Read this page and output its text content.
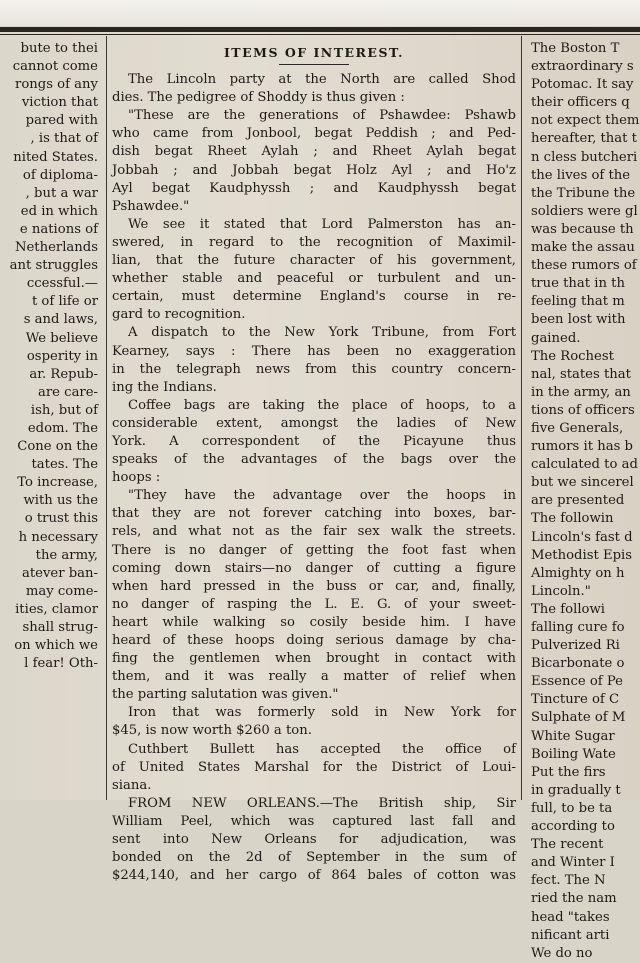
bute to thei
cannot come
rongs of any
viction that
pared with
, is that of
nited States.
of diploma-
, but a war
ed in which
e nations of
Netherlands
ant struggles
ccessful.—
t of life or
s and laws,
We believe
osperity in
ar. Repub-
are care-
ish, but of
edom. The
Cone on the
tates. The
To increase,
with us the
o trust this
h necessary
the army,
atever ban-
may come-
ities, clamor
shall strug-
on which we
l fear! Oth-
ITEMS OF INTEREST.
The Lincoln party at the North are called Shod
dies. The pedigree of Shoddy is thus given :
"These are the generations of Pshawdee: Pshawb
who came from Jonbool, begat Peddish ; and Ped-
dish begat Rheet Aylah ; and Rheet Aylah begat
Jobbah ; and Jobbah begat Holz Ayl ; and Ho'z
Ayl begat Kaudphyssh ; and Kaudphyssh begat
Pshawdee."
We see it stated that Lord Palmerston has an-
swered, in regard to the recognition of Maximil-
lian, that the future character of his government,
whether stable and peaceful or turbulent and un-
certain, must determine England's course in re-
gard to recognition.
A dispatch to the New York Tribune, from Fort
Kearney, says : There has been no exaggeration
in the telegraph news from this country concern-
ing the Indians.
Coffee bags are taking the place of hoops, to a
considerable extent, amongst the ladies of New
York. A correspondent of the Picayune thus
speaks of the advantages of the bags over the
hoops :
"They have the advantage over the hoops in
that they are not forever catching into boxes, bar-
rels, and what not as the fair sex walk the streets.
There is no danger of getting the foot fast when
coming down stairs—no danger of cutting a figure
when hard pressed in the buss or car, and, finally,
no danger of rasping the L. E. G. of your sweet-
heart while walking so cosily beside him. I have
heard of these hoops doing serious damage by cha-
fing the gentlemen when brought in contact with
them, and it was really a matter of relief when
the parting salutation was given."
Iron that was formerly sold in New York for
$45, is now worth $260 a ton.
Cuthbert Bullett has accepted the office of
of United States Marshal for the District of Loui-
siana.
FROM NEW ORLEANS.—The British ship, Sir
William Peel, which was captured last fall and
sent into New Orleans for adjudication, was
bonded on the 2d of September in the sum of
$244,140, and her cargo of 864 bales of cotton was
The Boston T
extraordinary s
Potomac. It say
their officers q
not expect them
hereafter, that t
n cless butcheri
the lives of the
the Tribune the
soldiers were gl
was because th
make the assau
these rumors of
true that in th
feeling that m
been lost with
gained.
The Rochest
nal, states that
in the army, an
tions of officers
five Generals,
rumors it has b
calculated to ad
but we sincerel
are presented
The followin
Lincoln's fast d
Methodist Epis
Almighty on h
Lincoln."
The followi
falling cure fo
Pulverized Ri
Bicarbonate o
Essence of Pe
Tincture of C
Sulphate of M
White Sugar
Boiling Wate
Put the firs
in gradually t
full, to be ta
according to
The recent
and Winter I
fect. The N
ried the nam
head "takes
nificant arti
We do no
